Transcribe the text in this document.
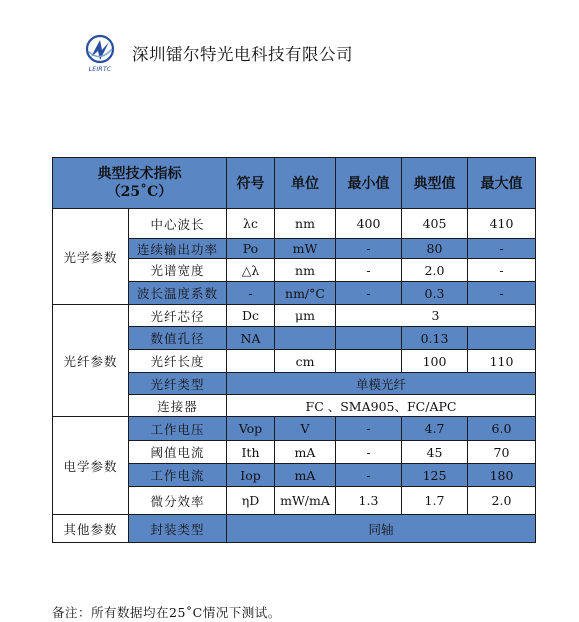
LEIRTC
深圳镭尔特光电科技有限公司
典型技术指标
（25˚C）		符号	单位	最小值	典型值	最大值
光学参数	中心波长	λc	nm	400	405	410
	连续输出功率	Po	mW	-	80	-
	光谱宽度	△λ	nm	-	2.0	-
	波长温度系数	-	nm/°C	-	0.3	-
光纤参数	光纤芯径	Dc	μm	3		
	数值孔径	NA			0.13	
	光纤长度		cm		100	110
	光纤类型	单模光纤				
	连接器	FC 、SMA905、FC/APC				
电学参数	工作电压	Vop	V	-	4.7	6.0
	阈值电流	Ith	mA	-	45	70
	工作电流	Iop	mA	-	125	180
	微分效率	ηD	mW/mA	1.3	1.7	2.0
其他参数	封装类型	同轴				
备注：所有数据均在25˚C情况下测试。
